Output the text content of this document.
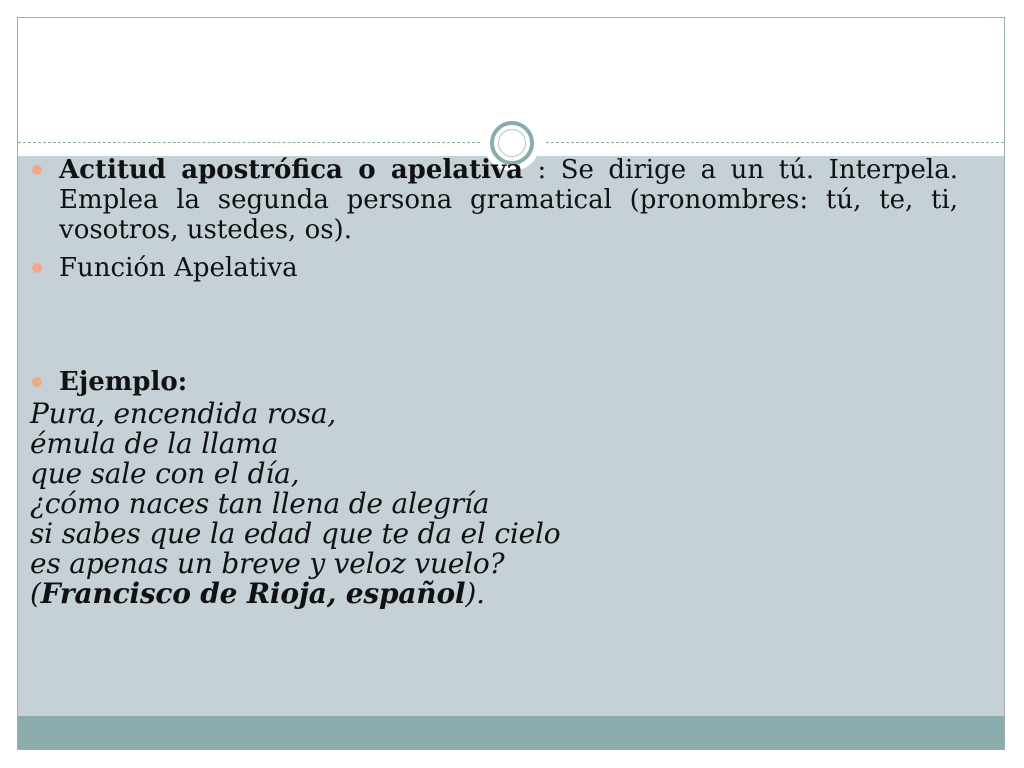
Actitud apostrófica o apelativa : Se dirige a un tú. Interpela. Emplea la segunda persona gramatical (pronombres: tú, te, ti, vosotros, ustedes, os).
Función Apelativa
Ejemplo:
Pura, encendida rosa,
émula de la llama
que sale con el día,
¿cómo naces tan llena de alegría
si sabes que la edad que te da el cielo
es apenas un breve y veloz vuelo?
(Francisco de Rioja, español).
